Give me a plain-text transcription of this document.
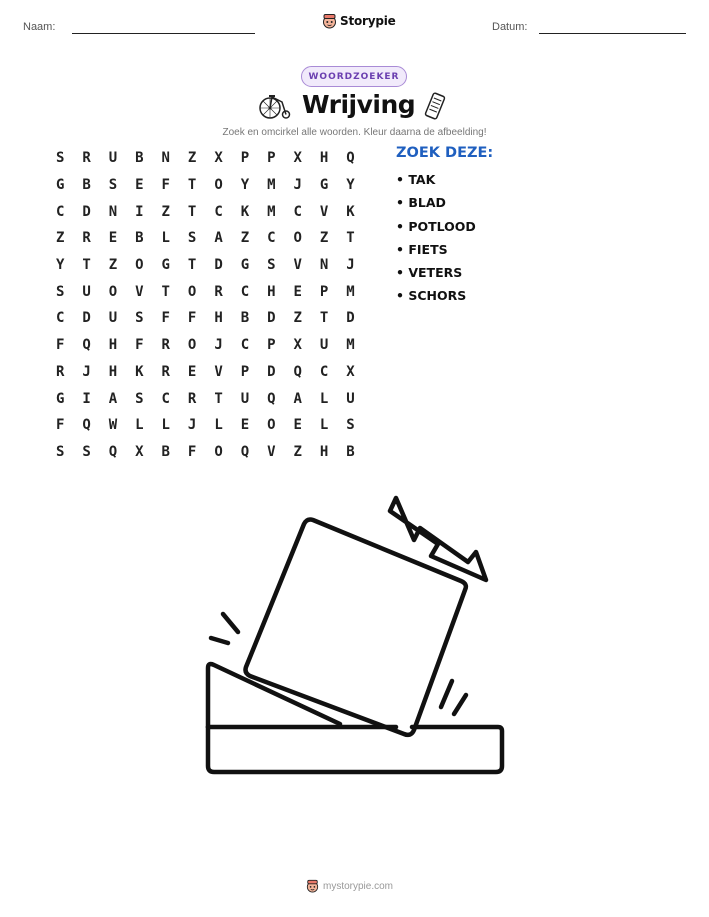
Naam:	Storypie	Datum:
WOORDZOEKER
Wrijving
Zoek en omcirkel alle woorden. Kleur daarna de afbeelding!
S	R	U	B	N	Z	X	P	P	X	H	Q
G	B	S	E	F	T	O	Y	M	J	G	Y
C	D	N	I	Z	T	C	K	M	C	V	K
Z	R	E	B	L	S	A	Z	C	O	Z	T
Y	T	Z	O	G	T	D	G	S	V	N	J
S	U	O	V	T	O	R	C	H	E	P	M
C	D	U	S	F	F	H	B	D	Z	T	D
F	Q	H	F	R	O	J	C	P	X	U	M
R	J	H	K	R	E	V	P	D	Q	C	X
G	I	A	S	C	R	T	U	Q	A	L	U
F	Q	W	L	L	J	L	E	O	E	L	S
S	S	Q	X	B	F	O	Q	V	Z	H	B
ZOEK DEZE:
• TAK
• BLAD
• POTLOOD
• FIETS
• VETERS
• SCHORS
mystorypie.com
